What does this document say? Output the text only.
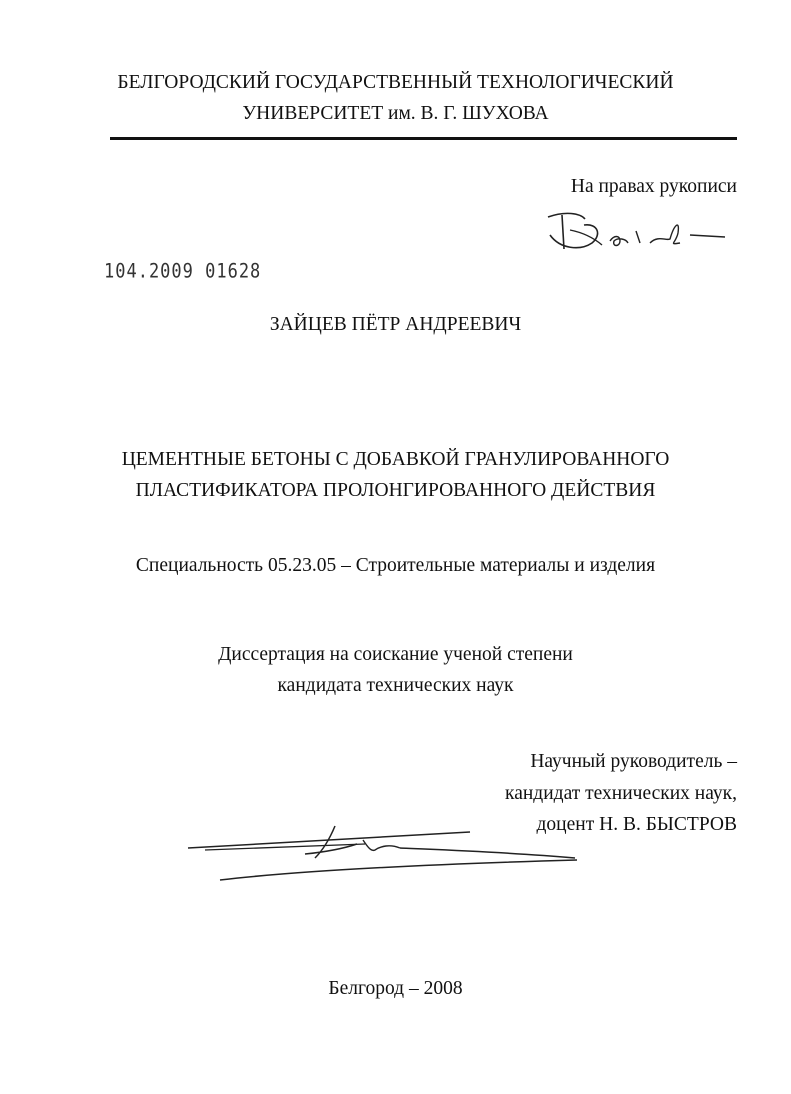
БЕЛГОРОДСКИЙ ГОСУДАРСТВЕННЫЙ ТЕХНОЛОГИЧЕСКИЙ
УНИВЕРСИТЕТ им. В. Г. ШУХОВА
На правах рукописи
104.2009 01628
ЗАЙЦЕВ ПЁТР АНДРЕЕВИЧ
ЦЕМЕНТНЫЕ БЕТОНЫ С ДОБАВКОЙ ГРАНУЛИРОВАННОГО
ПЛАСТИФИКАТОРА ПРОЛОНГИРОВАННОГО ДЕЙСТВИЯ
Специальность 05.23.05 – Строительные материалы и изделия
Диссертация на соискание ученой степени
кандидата технических наук
Научный руководитель –
кандидат технических наук,
доцент Н. В. БЫСТРОВ
Белгород – 2008
